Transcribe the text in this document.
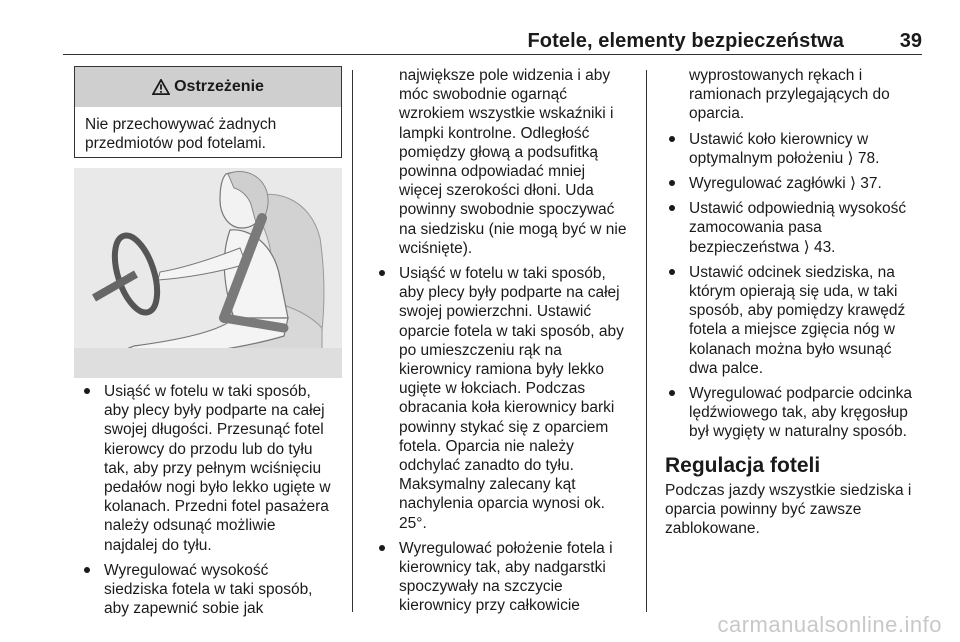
Fotele, elementy bezpieczeństwa	39
Ostrzeżenie
Nie przechowywać żadnych
przedmiotów pod fotelami.

Usiąść w fotelu w taki sposób,

aby plecy były podparte na całej

swojej długości. Przesunąć fotel

kierowcy do przodu lub do tyłu

tak, aby przy pełnym wciśnięciu

pedałów nogi było lekko ugięte w

kolanach. Przedni fotel pasażera

należy odsunąć możliwie

najdalej do tyłu.

Wyregulować wysokość

siedziska fotela w taki sposób,

aby zapewnić sobie jak

największe pole widzenia i aby

móc swobodnie ogarnąć

wzrokiem wszystkie wskaźniki i

lampki kontrolne. Odległość

pomiędzy głową a podsufitką

powinna odpowiadać mniej

więcej szerokości dłoni. Uda

powinny swobodnie spoczywać

na siedzisku (nie mogą być w nie

wciśnięte).

Usiąść w fotelu w taki sposób,

aby plecy były podparte na całej

swojej powierzchni. Ustawić

oparcie fotela w taki sposób, aby

po umieszczeniu rąk na

kierownicy ramiona były lekko

ugięte w łokciach. Podczas

obracania koła kierownicy barki

powinny stykać się z oparciem

fotela. Oparcia nie należy

odchylać zanadto do tyłu.

Maksymalny zalecany kąt

nachylenia oparcia wynosi ok.

25°.

Wyregulować położenie fotela i

kierownicy tak, aby nadgarstki

spoczywały na szczycie

kierownicy przy całkowicie

wyprostowanych rękach i

ramionach przylegających do

oparcia.

Ustawić koło kierownicy w

optymalnym położeniu ⟩ 78.

Wyregulować zagłówki ⟩ 37.

Ustawić odpowiednią wysokość

zamocowania pasa

bezpieczeństwa ⟩ 43.

Ustawić odcinek siedziska, na

którym opierają się uda, w taki

sposób, aby pomiędzy krawędź

fotela a miejsce zgięcia nóg w

kolanach można było wsunąć

dwa palce.

Wyregulować podparcie odcinka

lędźwiowego tak, aby kręgosłup

był wygięty w naturalny sposób.

Regulacja foteli

Podczas jazdy wszystkie siedziska i

oparcia powinny być zawsze

zablokowane.

carmanualsonline.info
